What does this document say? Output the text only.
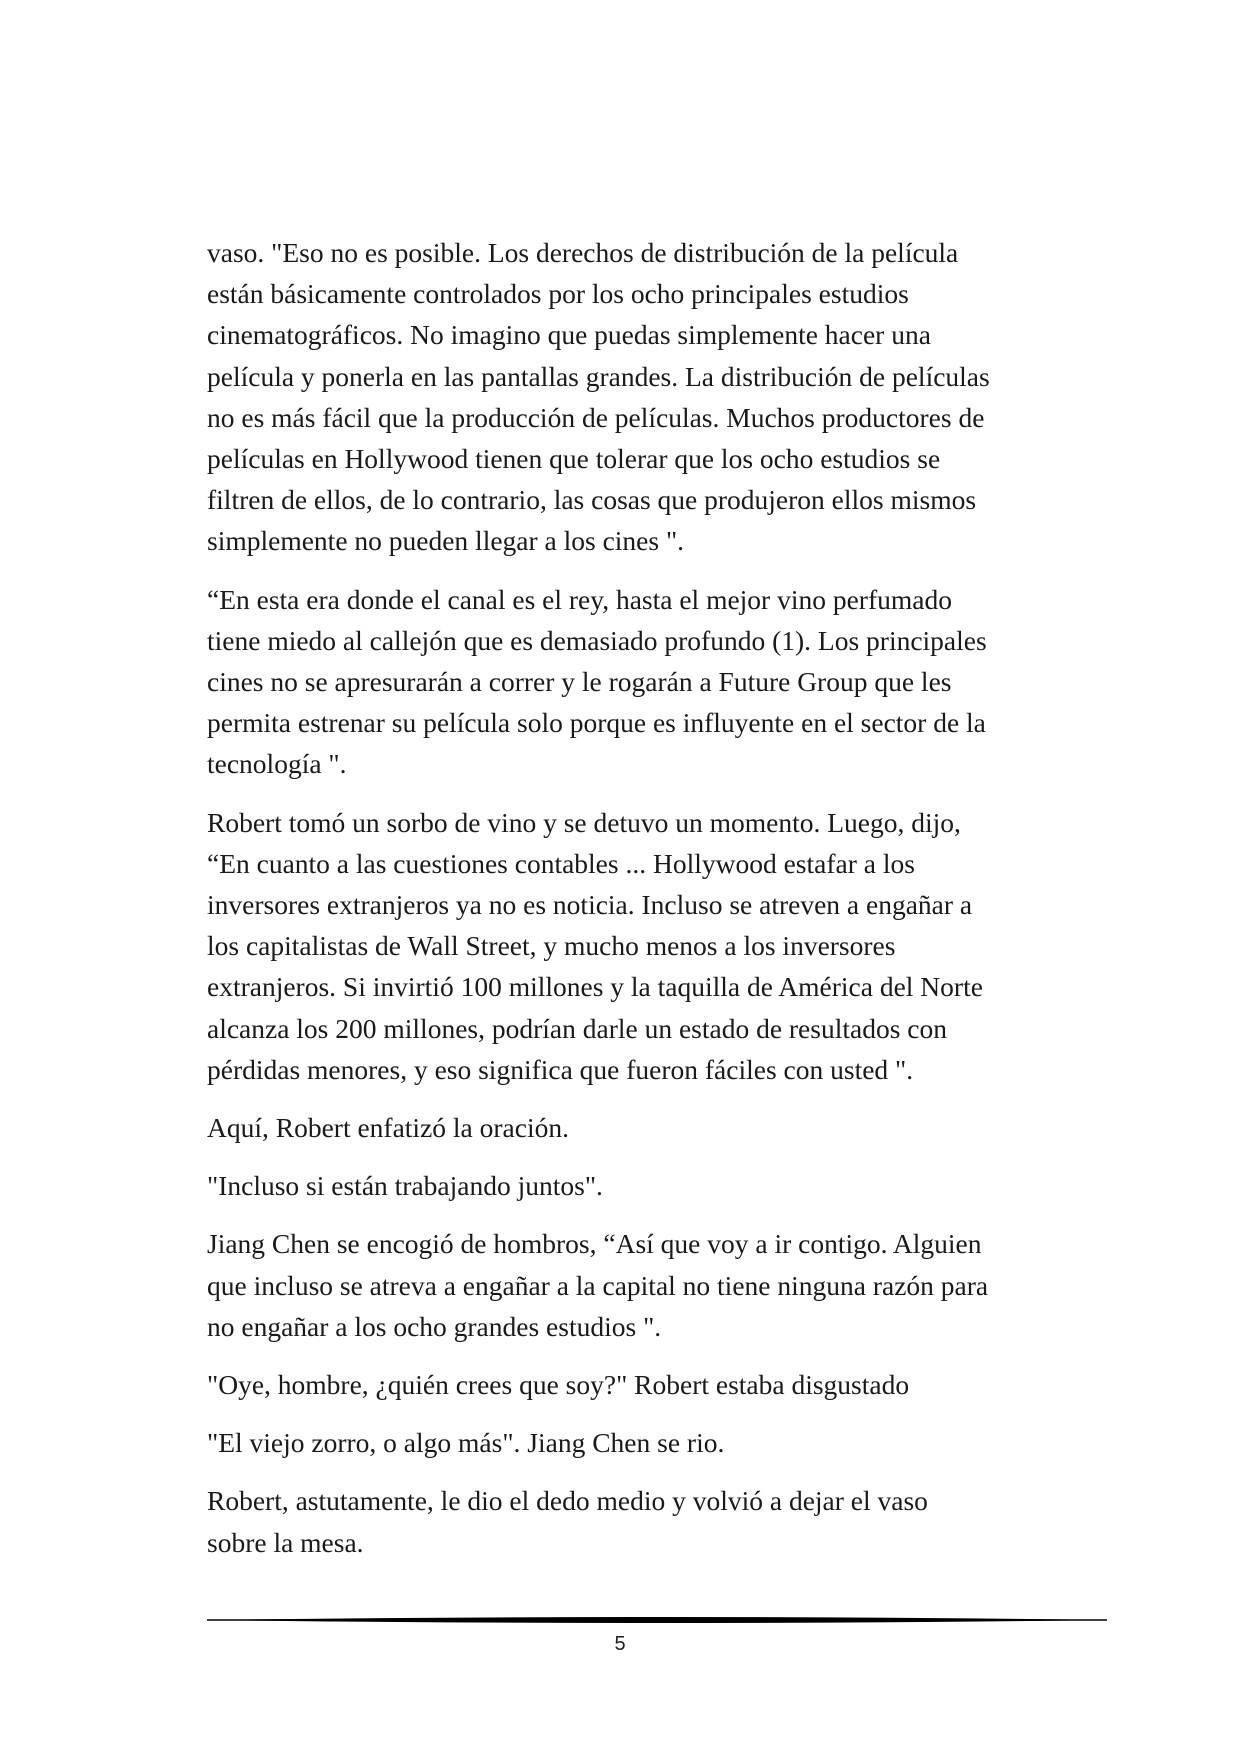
vaso. "Eso no es posible. Los derechos de distribución de la película
están básicamente controlados por los ocho principales estudios
cinematográficos. No imagino que puedas simplemente hacer una
película y ponerla en las pantallas grandes. La distribución de películas
no es más fácil que la producción de películas. Muchos productores de
películas en Hollywood tienen que tolerar que los ocho estudios se
filtren de ellos, de lo contrario, las cosas que produjeron ellos mismos
simplemente no pueden llegar a los cines ".

“En esta era donde el canal es el rey, hasta el mejor vino perfumado
tiene miedo al callejón que es demasiado profundo (1). Los principales
cines no se apresurarán a correr y le rogarán a Future Group que les
permita estrenar su película solo porque es influyente en el sector de la
tecnología ".

Robert tomó un sorbo de vino y se detuvo un momento. Luego, dijo,
“En cuanto a las cuestiones contables ... Hollywood estafar a los
inversores extranjeros ya no es noticia. Incluso se atreven a engañar a
los capitalistas de Wall Street, y mucho menos a los inversores
extranjeros. Si invirtió 100 millones y la taquilla de América del Norte
alcanza los 200 millones, podrían darle un estado de resultados con
pérdidas menores, y eso significa que fueron fáciles con usted ".

Aquí, Robert enfatizó la oración.

"Incluso si están trabajando juntos".

Jiang Chen se encogió de hombros, “Así que voy a ir contigo. Alguien
que incluso se atreva a engañar a la capital no tiene ninguna razón para
no engañar a los ocho grandes estudios ".

"Oye, hombre, ¿quién crees que soy?" Robert estaba disgustado

"El viejo zorro, o algo más". Jiang Chen se rio.

Robert, astutamente, le dio el dedo medio y volvió a dejar el vaso
sobre la mesa.

5
